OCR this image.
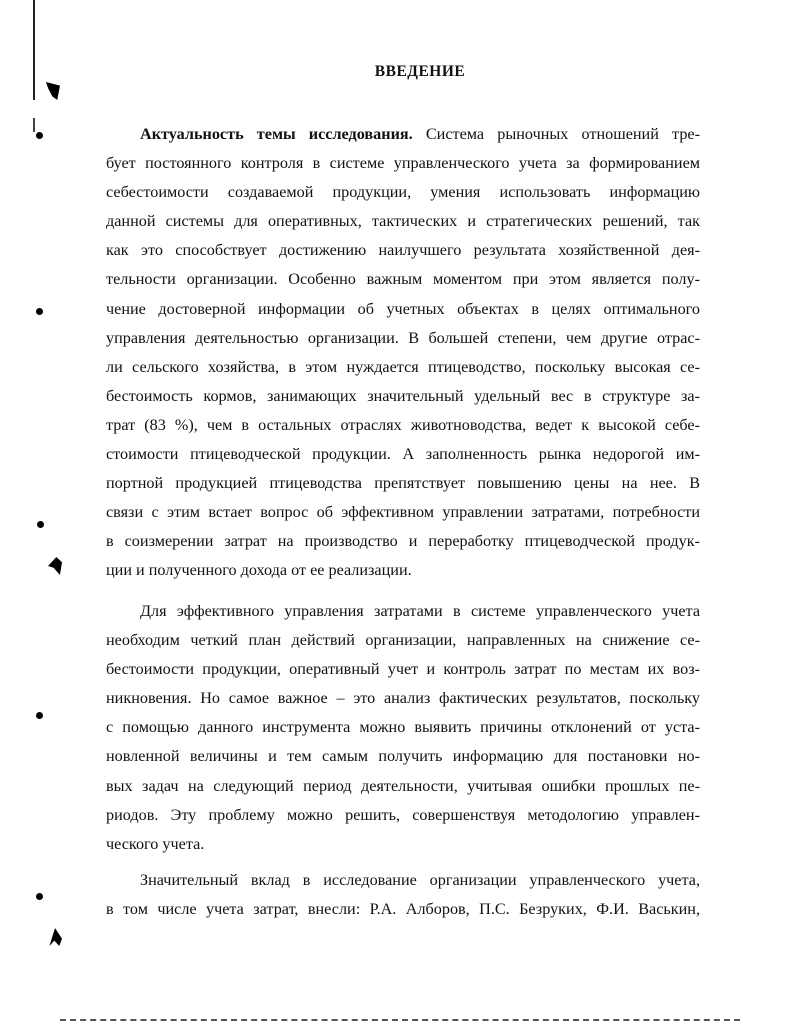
ВВЕДЕНИЕ
Актуальность темы исследования. Система рыночных отношений тре-
бует постоянного контроля в системе управленческого учета за формированием
себестоимости создаваемой продукции, умения использовать информацию
данной системы для оперативных, тактических и стратегических решений, так
как это способствует достижению наилучшего результата хозяйственной дея-
тельности организации. Особенно важным моментом при этом является полу-
чение достоверной информации об учетных объектах в целях оптимального
управления деятельностью организации. В большей степени, чем другие отрас-
ли сельского хозяйства, в этом нуждается птицеводство, поскольку высокая се-
бестоимость кормов, занимающих значительный удельный вес в структуре за-
трат (83 %), чем в остальных отраслях животноводства, ведет к высокой себе-
стоимости птицеводческой продукции. А заполненность рынка недорогой им-
портной продукцией птицеводства препятствует повышению цены на нее. В
связи с этим встает вопрос об эффективном управлении затратами, потребности
в соизмерении затрат на производство и переработку птицеводческой продук-
ции и полученного дохода от ее реализации.
Для эффективного управления затратами в системе управленческого учета
необходим четкий план действий организации, направленных на снижение се-
бестоимости продукции, оперативный учет и контроль затрат по местам их воз-
никновения. Но самое важное – это анализ фактических результатов, поскольку
с помощью данного инструмента можно выявить причины отклонений от уста-
новленной величины и тем самым получить информацию для постановки но-
вых задач на следующий период деятельности, учитывая ошибки прошлых пе-
риодов. Эту проблему можно решить, совершенствуя методологию управлен-
ческого учета.
Значительный вклад в исследование организации управленческого учета,
в том числе учета затрат, внесли: Р.А. Алборов, П.С. Безруких, Ф.И. Васькин,
